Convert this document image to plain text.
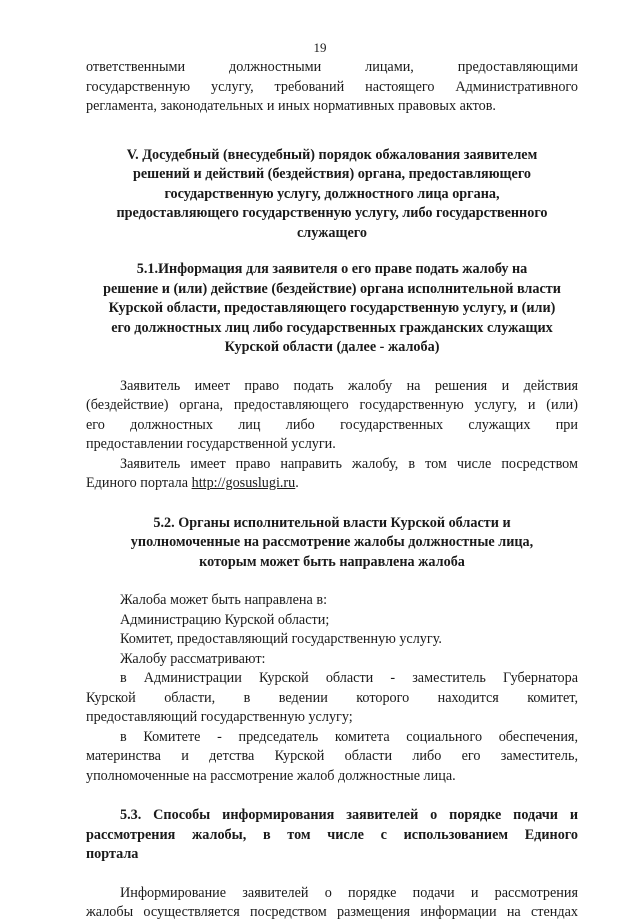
19

ответственными должностными лицами, предоставляющими

государственную услугу, требований настоящего Административного

регламента, законодательных и иных нормативных правовых актов.

V. Досудебный (внесудебный) порядок обжалования заявителем

решений и действий (бездействия) органа, предоставляющего

государственную услугу, должностного лица органа,

предоставляющего государственную услугу, либо государственного

служащего

5.1.Информация для заявителя о его праве подать жалобу на

решение и (или) действие (бездействие) органа исполнительной власти

Курской области, предоставляющего государственную услугу, и (или)

его должностных лиц либо государственных гражданских служащих

Курской области (далее - жалоба)

Заявитель имеет право подать жалобу на решения и действия

(бездействие) органа, предоставляющего государственную услугу, и (или)

его должностных лиц либо государственных служащих при

предоставлении государственной услуги.

Заявитель имеет право направить жалобу, в том числе посредством

Единого портала http://gosuslugi.ru.

5.2. Органы исполнительной власти Курской области и

уполномоченные на рассмотрение жалобы должностные лица,

которым может быть направлена жалоба

Жалоба может быть направлена в:

Администрацию Курской области;

Комитет, предоставляющий государственную услугу.

Жалобу рассматривают:

в Администрации Курской области - заместитель Губернатора

Курской области, в ведении которого находится комитет,

предоставляющий государственную услугу;

в Комитете - председатель комитета социального обеспечения,

материнства и детства Курской области либо его заместитель,

уполномоченные на рассмотрение жалоб должностные лица.

5.3. Способы информирования заявителей о порядке подачи и

рассмотрения жалобы, в том числе с использованием Единого

портала

Информирование заявителей о порядке подачи и рассмотрения

жалобы осуществляется посредством размещения информации на стендах
